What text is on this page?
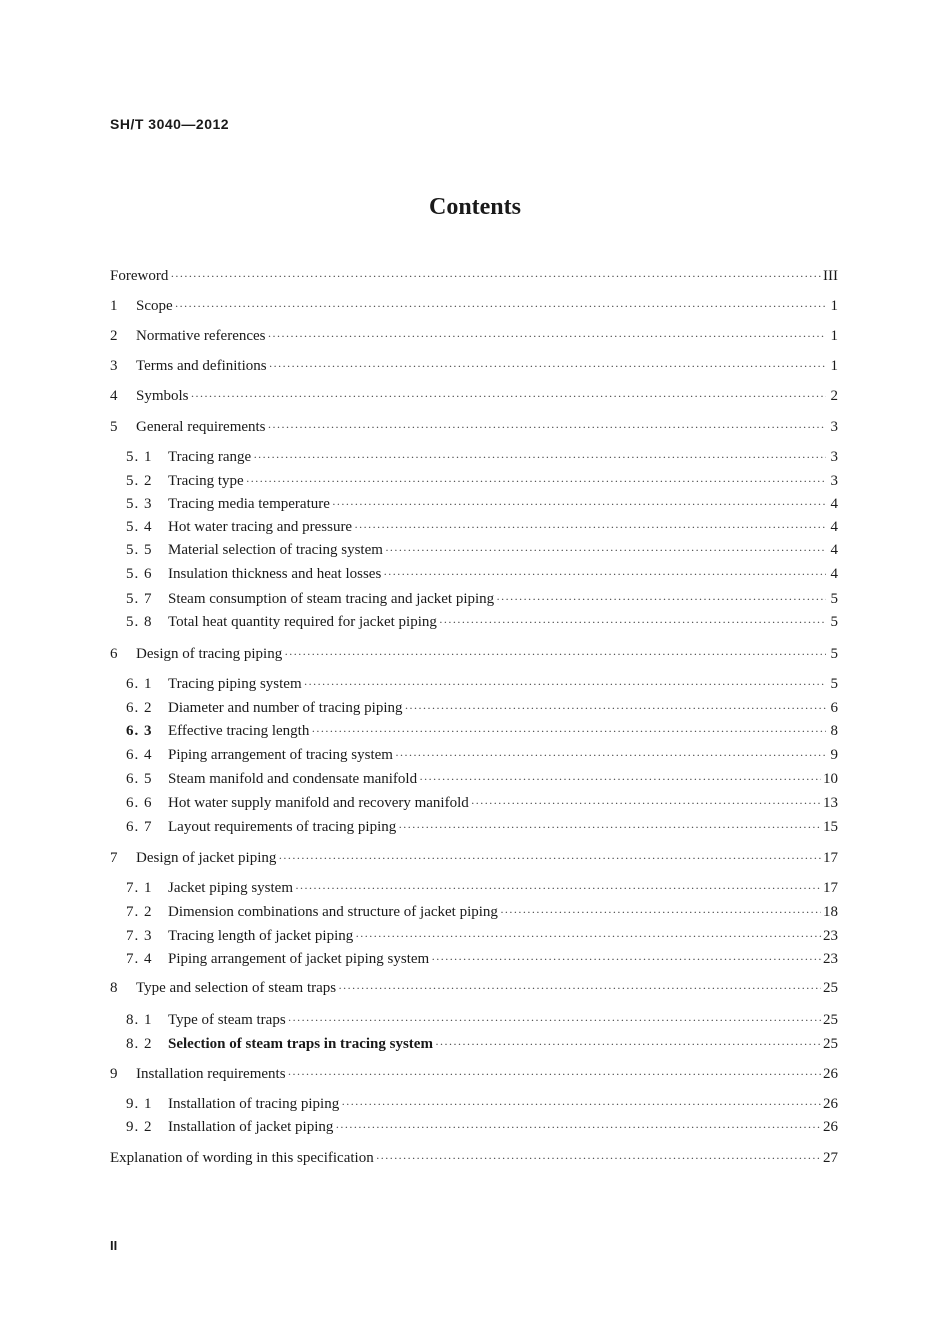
SH/T 3040—2012
Contents
Foreword ·····	III
1	Scope ·····	1
2	Normative references ·····	1
3	Terms and definitions ·····	1
4	Symbols ·····	2
5	General requirements ·····	3
5. 1	Tracing range ·····	3
5. 2	Tracing type ·····	3
5. 3	Tracing media temperature ·····	4
5. 4	Hot water tracing and pressure ·····	4
5. 5	Material selection of tracing system ·····	4
5. 6	Insulation thickness and heat losses ·····	4
5. 7	Steam consumption of steam tracing and jacket piping ·····	5
5. 8	Total heat quantity required for jacket piping ·····	5
6	Design of tracing piping ·····	5
6. 1	Tracing piping system ·····	5
6. 2	Diameter and number of tracing piping ·····	6
6. 3	Effective tracing length ·····	8
6. 4	Piping arrangement of tracing system ·····	9
6. 5	Steam manifold and condensate manifold ·····	10
6. 6	Hot water supply manifold and recovery manifold ·····	13
6. 7	Layout requirements of tracing piping ·····	15
7	Design of jacket piping ·····	17
7. 1	Jacket piping system ·····	17
7. 2	Dimension combinations and structure of jacket piping ·····	18
7. 3	Tracing length of jacket piping ·····	23
7. 4	Piping arrangement of jacket piping system ·····	23
8	Type and selection of steam traps ·····	25
8. 1	Type of steam traps ·····	25
8. 2	Selection of steam traps in tracing system ·····	25
9	Installation requirements ·····	26
9. 1	Installation of tracing piping ·····	26
9. 2	Installation of jacket piping ·····	26
Explanation of wording in this specification ·····	27
II
